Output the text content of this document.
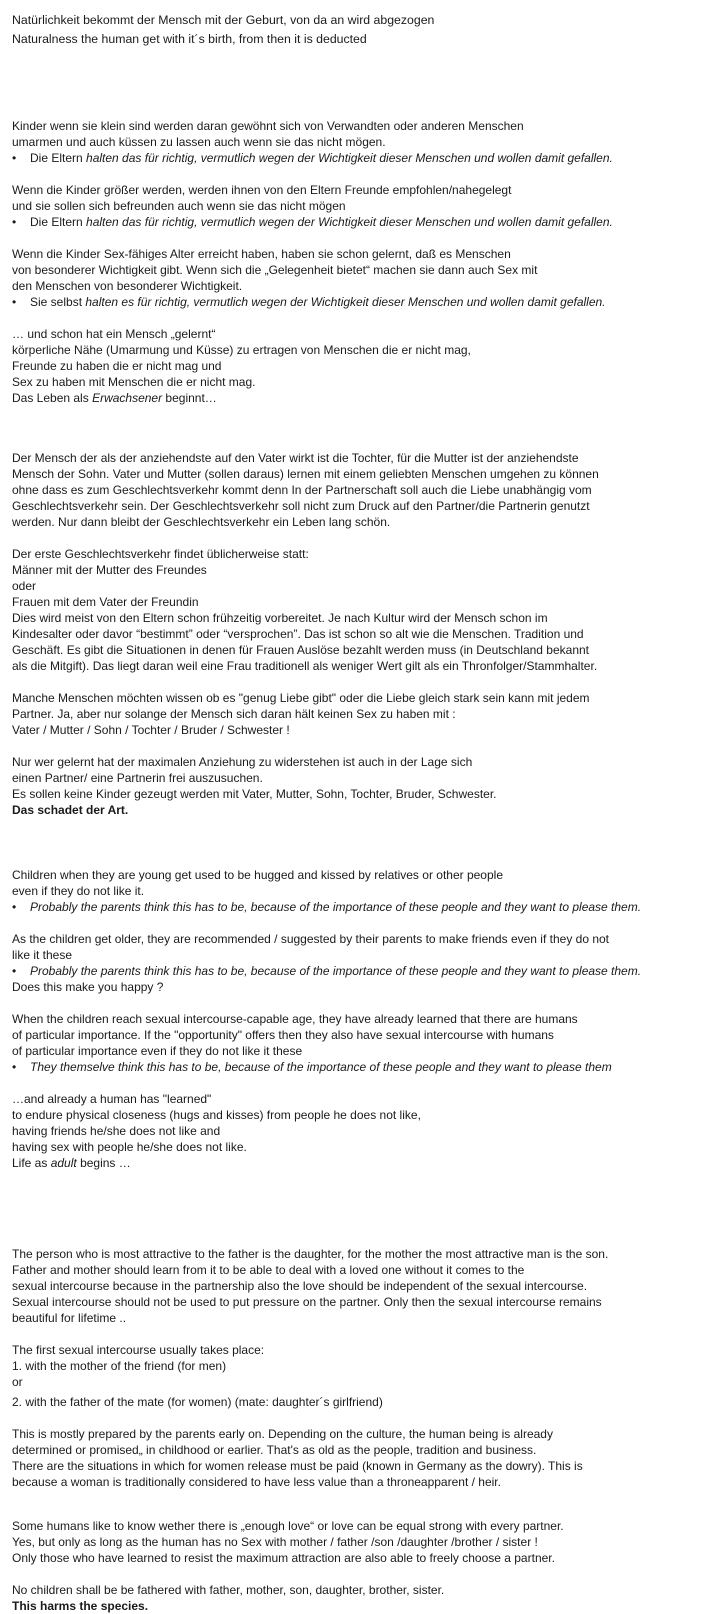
Natürlichkeit bekommt der Mensch mit der Geburt, von da an wird abgezogen
Naturalness the human get with it´s birth, from then it is deducted
Kinder wenn sie klein sind werden daran gewöhnt sich von Verwandten oder anderen Menschen
umarmen und auch küssen zu lassen auch wenn sie das nicht mögen.
• Die Eltern halten das für richtig, vermutlich wegen der Wichtigkeit dieser Menschen und wollen damit gefallen.
Wenn die Kinder größer werden, werden ihnen von den Eltern Freunde empfohlen/nahegelegt
und sie sollen sich befreunden auch wenn sie das nicht mögen
• Die Eltern halten das für richtig, vermutlich wegen der Wichtigkeit dieser Menschen und wollen damit gefallen.
Wenn die Kinder Sex-fähiges Alter erreicht haben, haben sie schon gelernt, daß es Menschen
von besonderer Wichtigkeit gibt. Wenn sich die „Gelegenheit bietet“ machen sie dann auch Sex mit
den Menschen von besonderer Wichtigkeit.
• Sie selbst halten es für richtig, vermutlich wegen der Wichtigkeit dieser Menschen und wollen damit gefallen.
… und schon hat ein Mensch „gelernt“
körperliche Nähe (Umarmung und Küsse) zu ertragen von Menschen die er nicht mag,
Freunde zu haben die er nicht mag und
Sex zu haben mit Menschen die er nicht mag.
Das Leben als Erwachsener beginnt…
Der Mensch der als der anziehendste auf den Vater wirkt ist die Tochter, für die Mutter ist der anziehendste
Mensch der Sohn. Vater und Mutter (sollen daraus) lernen mit einem geliebten Menschen umgehen zu können
ohne dass es zum Geschlechtsverkehr kommt denn In der Partnerschaft soll auch die Liebe unabhängig vom
Geschlechtsverkehr sein. Der Geschlechtsverkehr soll nicht zum Druck auf den Partner/die Partnerin genutzt
werden. Nur dann bleibt der Geschlechtsverkehr ein Leben lang schön.
Der erste Geschlechtsverkehr findet üblicherweise statt:
Männer mit der Mutter des Freundes
oder
Frauen mit dem Vater der Freundin
Dies wird meist von den Eltern schon frühzeitig vorbereitet. Je nach Kultur wird der Mensch schon im
Kindesalter oder davor “bestimmt” oder “versprochen”. Das ist schon so alt wie die Menschen. Tradition und
Geschäft. Es gibt die Situationen in denen für Frauen Auslöse bezahlt werden muss (in Deutschland bekannt
als die Mitgift). Das liegt daran weil eine Frau traditionell als weniger Wert gilt als ein Thronfolger/Stammhalter.
Manche Menschen möchten wissen ob es "genug Liebe gibt" oder die Liebe gleich stark sein kann mit jedem
Partner. Ja, aber nur solange der Mensch sich daran hält keinen Sex zu haben mit :
Vater / Mutter / Sohn / Tochter / Bruder / Schwester !
Nur wer gelernt hat der maximalen Anziehung zu widerstehen ist auch in der Lage sich
einen Partner/ eine Partnerin frei auszusuchen.
Es sollen keine Kinder gezeugt werden mit Vater, Mutter, Sohn, Tochter, Bruder, Schwester.
Das schadet der Art.
Children when they are young get used to be hugged and kissed by relatives or other people
even if they do not like it.
• Probably the parents think this has to be, because of the importance of these people and they want to please them.
As the children get older, they are recommended / suggested by their parents to make friends even if they do not
like it these
• Probably the parents think this has to be, because of the importance of these people and they want to please them.
Does this make you happy ?
When the children reach sexual intercourse-capable age, they have already learned that there are humans
of particular importance. If the "opportunity" offers then they also have sexual intercourse with humans
of particular importance even if they do not like it these
• They themselve think this has to be, because of the importance of these people and they want to please them
…and already a human has "learned"
to endure physical closeness (hugs and kisses) from people he does not like,
having friends he/she does not like and
having sex with people he/she does not like.
Life as adult begins …
The person who is most attractive to the father is the daughter, for the mother the most attractive man is the son.
Father and mother should learn from it to be able to deal with a loved one without it comes to the
sexual intercourse because in the partnership also the love should be independent of the sexual intercourse.
Sexual intercourse should not be used to put pressure on the partner. Only then the sexual intercourse remains
beautiful for lifetime ..
The first sexual intercourse usually takes place:
1. with the mother of the friend (for men)
or
2. with the father of the mate (for women) (mate: daughter´s girlfriend)
This is mostly prepared by the parents early on. Depending on the culture, the human being is already
determined or promised„ in childhood or earlier. That's as old as the people, tradition and business.
There are the situations in which for women release must be paid (known in Germany as the dowry). This is
because a woman is traditionally considered to have less value than a throneapparent / heir.
Some humans like to know wether there is „enough love“ or love can be equal strong with every partner.
Yes, but only as long as the human has no Sex with mother / father /son /daughter /brother / sister !
Only those who have learned to resist the maximum attraction are also able to freely choose a partner.
No children shall be be fathered with father, mother, son, daughter, brother, sister.
This harms the species.
